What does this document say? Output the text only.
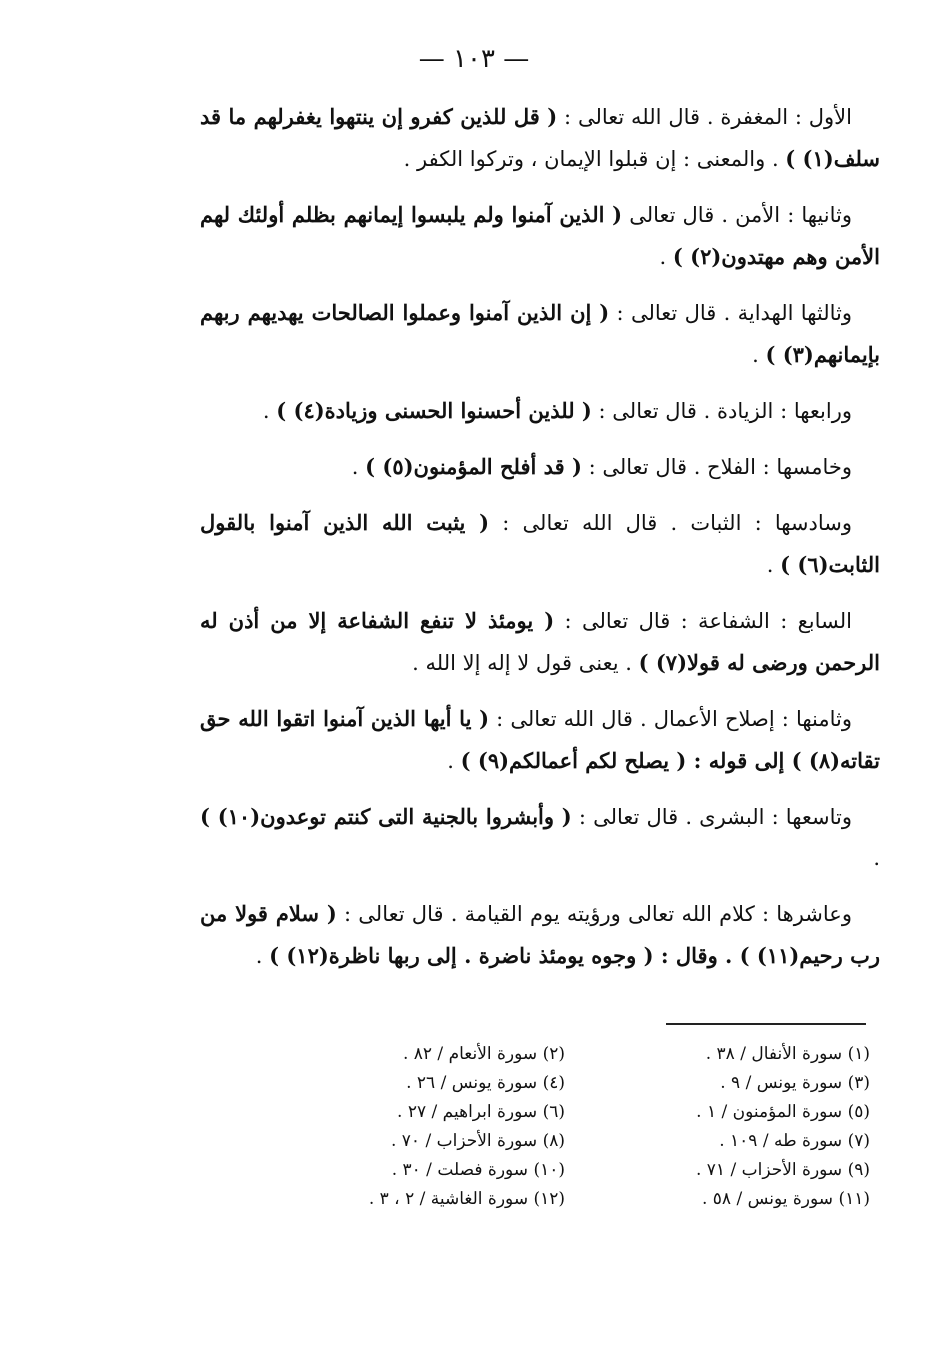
— ١٠٣ —

الأول : المغفرة . قال الله تعالى : ( قل للذين كفرو إن ينتهوا يغفرلهم ما قد سلف(١) ) . والمعنى : إن قبلوا الإيمان ، وتركوا الكفر .

وثانيها : الأمن . قال تعالى ( الذين آمنوا ولم يلبسوا إيمانهم بظلم أولئك لهم الأمن وهم مهتدون(٢) ) .

وثالثها الهداية . قال تعالى : ( إن الذين آمنوا وعملوا الصالحات يهديهم ربهم بإيمانهم(٣) ) .

ورابعها : الزيادة . قال تعالى : ( للذين أحسنوا الحسنى وزيادة(٤) ) .

وخامسها : الفلاح . قال تعالى : ( قد أفلح المؤمنون(٥) ) .

وسادسها : الثبات . قال الله تعالى : ( يثبت الله الذين آمنوا بالقول الثابت(٦) ) .

السابع : الشفاعة : قال تعالى : ( يومئذ لا تنفع الشفاعة إلا من أذن له الرحمن ورضى له قولا(٧) ) . يعنى قول لا إله إلا الله .

وثامنها : إصلاح الأعمال . قال الله تعالى : ( يا أيها الذين آمنوا اتقوا الله حق تقاته(٨) ) إلى قوله : ( يصلح لكم أعمالكم(٩) ) .

وتاسعها : البشرى . قال تعالى : ( وأبشروا بالجنية التى كنتم توعدون(١٠) ) .

وعاشرها : كلام الله تعالى ورؤيته يوم القيامة . قال تعالى : ( سلام قولا من رب رحيم(١١) ) . وقال : ( وجوه يومئذ ناضرة . إلى ربها ناظرة(١٢) ) .

(١) سورة الأنفال / ٣٨ .
(٢) سورة الأنعام / ٨٢ .
(٣) سورة يونس / ٩ .
(٤) سورة يونس / ٢٦ .
(٥) سورة المؤمنون / ١ .
(٦) سورة ابراهيم / ٢٧ .
(٧) سورة طه / ١٠٩ .
(٨) سورة الأحزاب / ٧٠ .
(٩) سورة الأحزاب / ٧١ .
(١٠) سورة فصلت / ٣٠ .
(١١) سورة يونس / ٥٨ .
(١٢) سورة الغاشية / ٢ ، ٣ .
